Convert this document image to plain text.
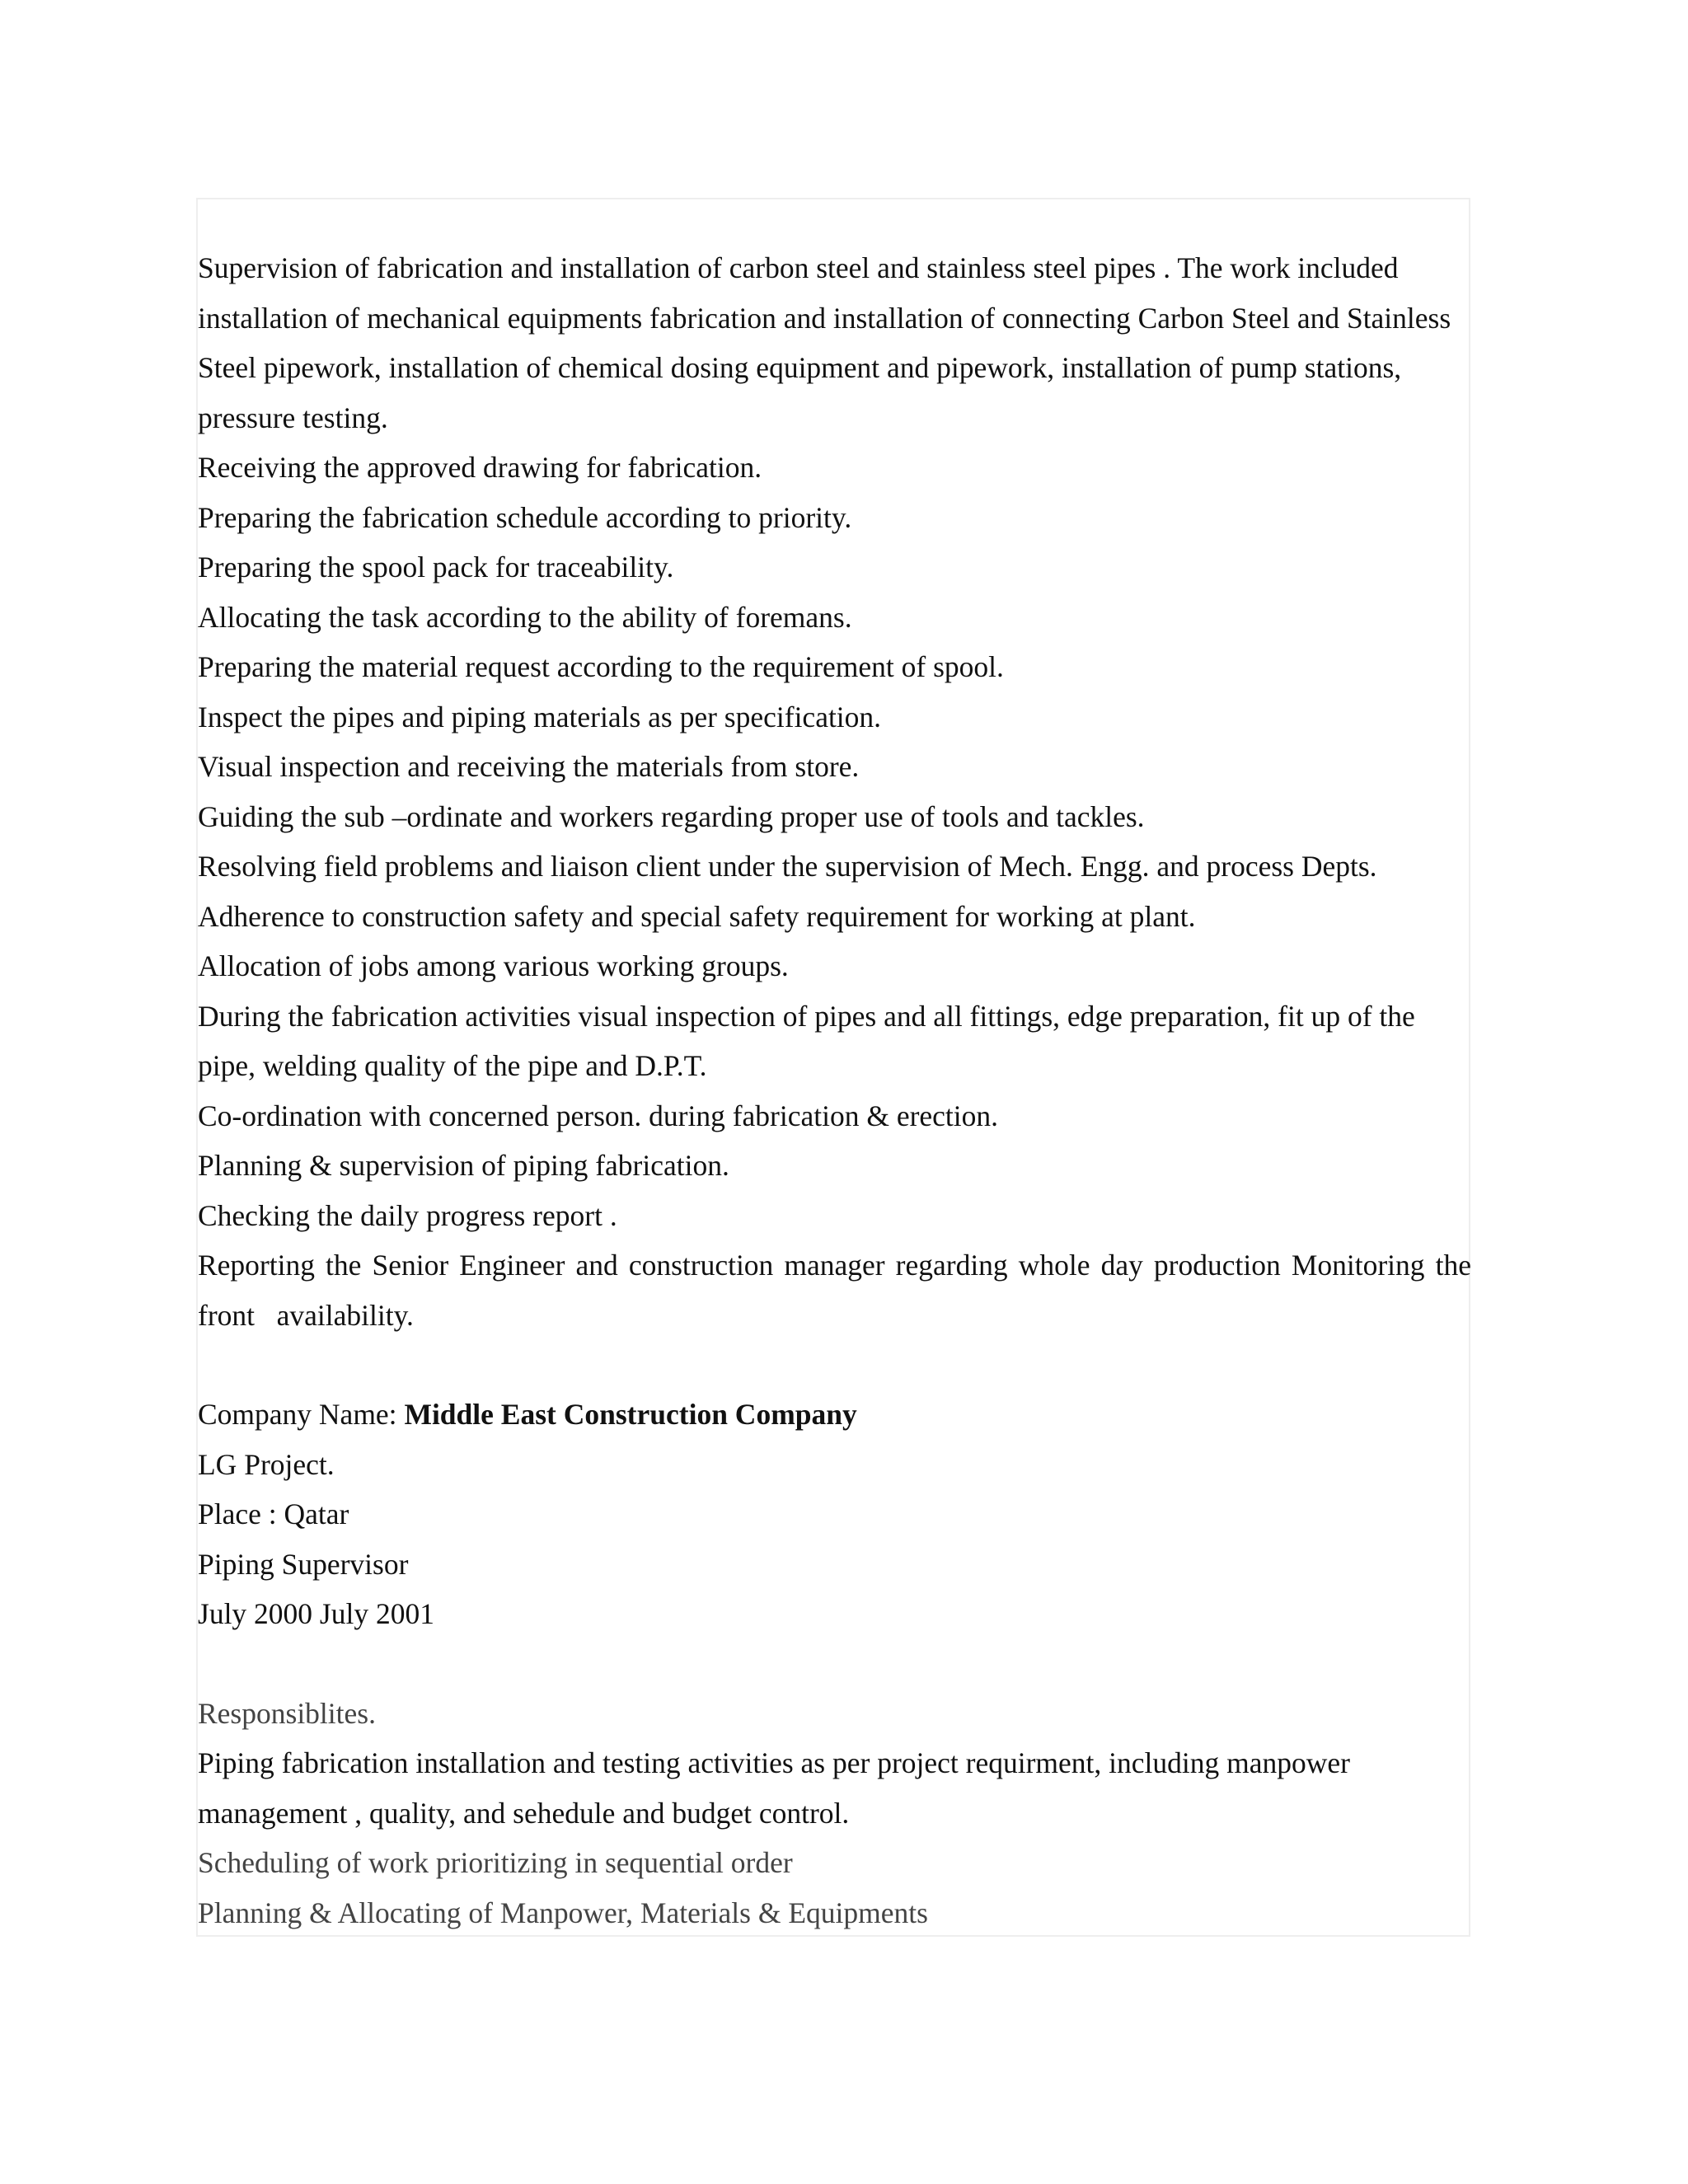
Supervision of fabrication and installation of carbon steel and stainless steel pipes . The work included installation of mechanical equipments fabrication and installation of connecting Carbon Steel and Stainless Steel pipework, installation of chemical dosing equipment and pipework, installation of pump stations, pressure testing.

Receiving the approved drawing for fabrication.

Preparing the fabrication schedule according to priority.

Preparing the spool pack for traceability.

Allocating the task according to the ability of foremans.

Preparing the material request according to the requirement of spool.

Inspect the pipes and piping materials as per specification.

Visual inspection and receiving the materials from store.

Guiding the sub –ordinate and workers regarding proper use of tools and tackles.

Resolving field problems and liaison client under the supervision of Mech. Engg. and process Depts.

Adherence to construction safety and special safety requirement for working at plant.

Allocation of jobs among various working groups.

During the fabrication activities visual inspection of pipes and all fittings, edge preparation, fit up of the pipe, welding quality of the pipe and D.P.T.

Co-ordination with concerned person. during fabrication & erection.

Planning & supervision of piping fabrication.

Checking the daily progress report .

Reporting the Senior Engineer and construction manager regarding whole day production Monitoring the

front   availability.

Company Name: Middle East Construction Company

LG Project.

Place : Qatar

Piping Supervisor

July 2000 July 2001

Responsiblites.

Piping fabrication installation and testing activities as per project requirment, including manpower management , quality, and sehedule and budget control.

Scheduling of work prioritizing in sequential order

Planning & Allocating of Manpower, Materials & Equipments
